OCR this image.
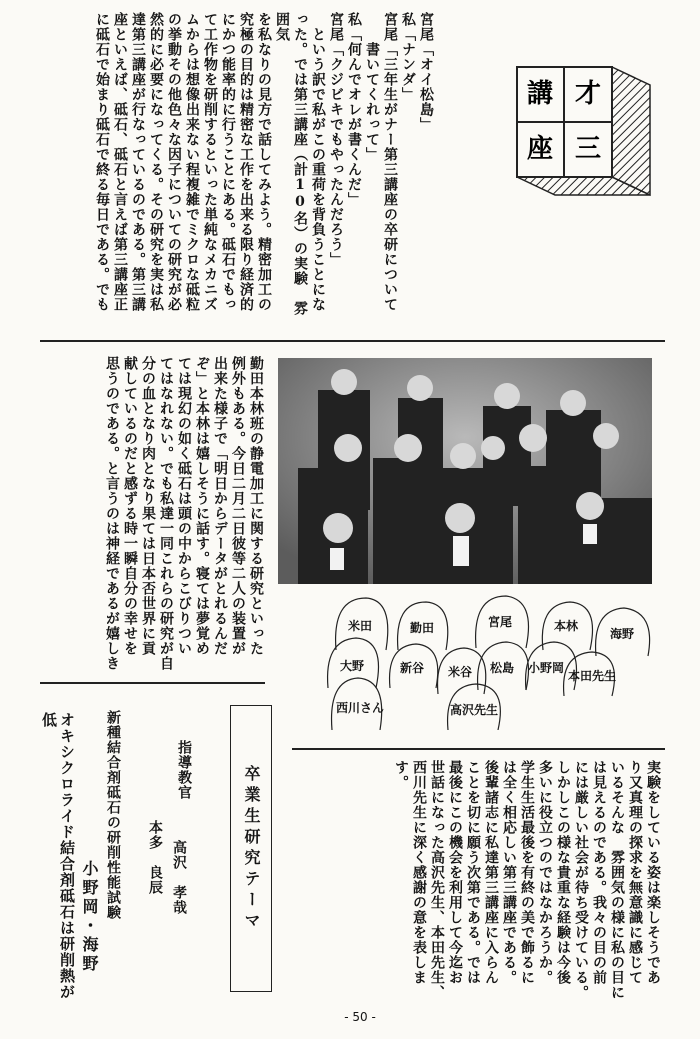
才
三
講
座
宮尾「オイ松島」
私「ナンダ」
宮尾「三年生がナー第三講座の卒研について
　　書いてくれって」
私「何んでオレが書くんだ」
宮尾「クジビキでもやったんだろう」
　という訳で私がこの重荷を背負うことにな
った。では第三講座（計10名）の実験　雰囲気
を私なりの見方で話してみよう。精密加工の
究極の目的は精密な工作を出来る限り経済的
にかつ能率的に行うことにある。砥石でもっ
て工作物を研削するといった単純なメカニズ
ムからは想像出来ない程複雑でミクロな砥粒
の挙動その他色々な因子についての研究が必
然的に必要になってくる。その研究を実は私
達第三講座が行なっているのである。第三講
座といえば、砥石、砥石と言えば第三講座正
に砥石で始まり砥石で終る毎日である。でも
勤田本林班の静電加工に関する研究といった
例外もある。今日二月二日彼等二人の装置が
出来た様子で「明日からデータがとれるんだ
ぞ」と本林は嬉しそうに話す。寝ては夢覚め
ては現幻の如く砥石は頭の中からこびりつい
てはなれない。でも私達一同これらの研究が自
分の血となり肉となり果ては日本否世界に貢
献しているのだと感ずる時一瞬自分の幸せを
思うのである。と言うのは神経であるが嬉しき	米田	勤田	宮尾	本林
海野
大野	新谷 米谷 松島 小野岡
本田先生
高沢先生
西川さん
実験をしている姿は楽しそうであ
り又真理の探求を無意識に感じて
いるそんな　雰囲気の様に私の目に
は見えるのである。我々の目の前
には厳しい社会が待ち受けている。
しかしこの様な貴重な経験は今後
多いに役立つのではなかろうか。
学生生活最後を有終の美で飾るに
は全く相応しい第三講座である。
後輩諸志に私達第三講座に入らん
ことを切に願う次第である。では
最後にこの機会を利用して今迄お
世話になった高沢先生、本田先生、
西川先生に深く感謝の意を表しま
す。
卒業生研究テーマ
指導教官
高沢　孝哉
本多　良辰
新種結合剤砥石の研削性能試験
小野岡・海野
オキシクロライド結合剤砥石は研削熱が低
‐ 50 ‐
